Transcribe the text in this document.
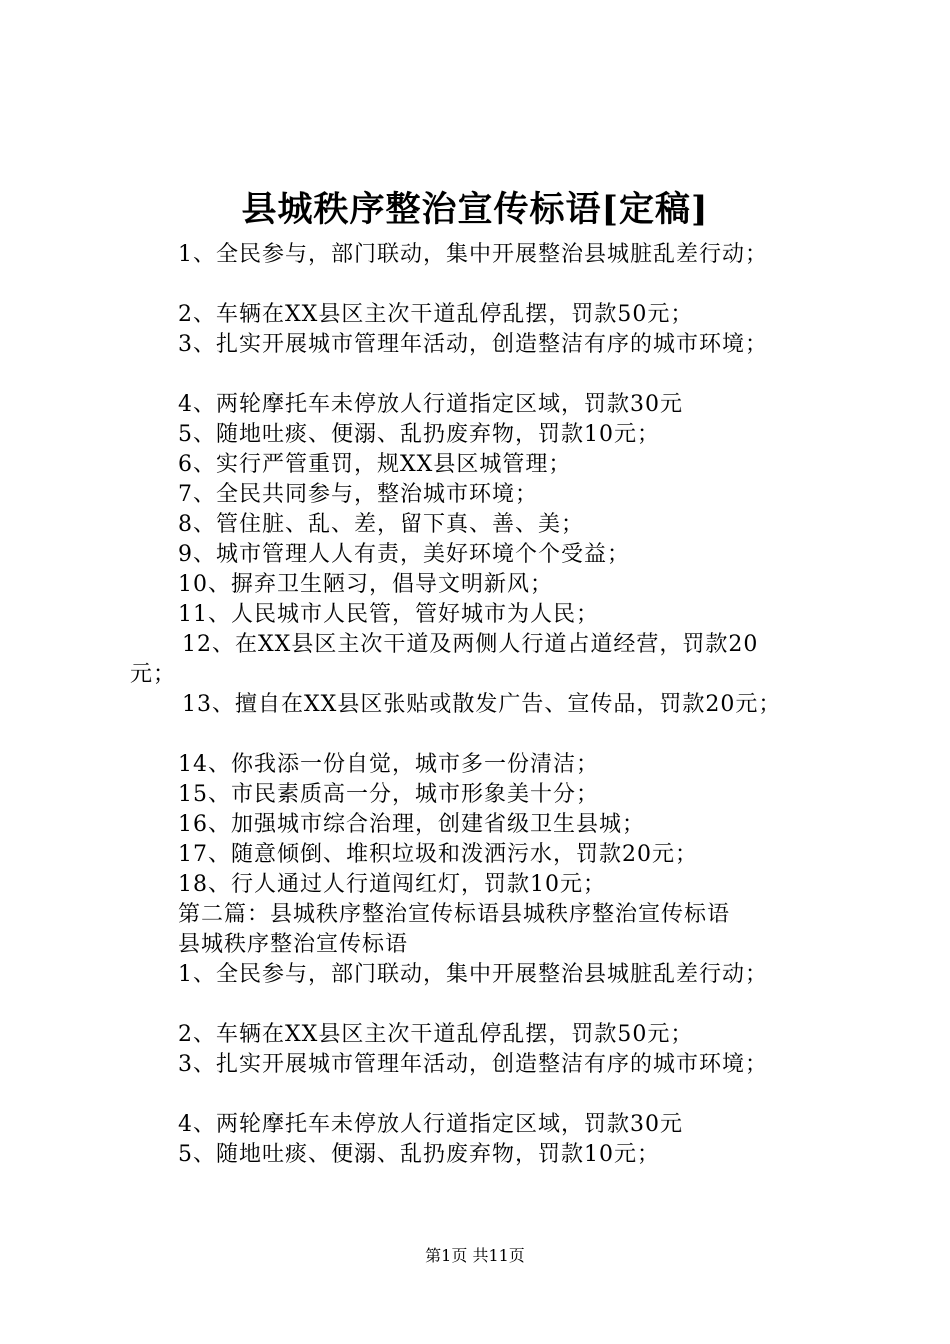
县城秩序整治宣传标语[定稿]
1、全民参与，部门联动，集中开展整治县城脏乱差行动；
2、车辆在XX县区主次干道乱停乱摆，罚款50元；
3、扎实开展城市管理年活动，创造整洁有序的城市环境；
4、两轮摩托车未停放人行道指定区域，罚款30元
5、随地吐痰、便溺、乱扔废弃物，罚款10元；
6、实行严管重罚，规XX县区城管理；
7、全民共同参与，整治城市环境；
8、管住脏、乱、差，留下真、善、美；
9、城市管理人人有责，美好环境个个受益；
10、摒弃卫生陋习，倡导文明新风；
11、人民城市人民管，管好城市为人民；
12、在XX县区主次干道及两侧人行道占道经营，罚款20
元；
13、擅自在XX县区张贴或散发广告、宣传品，罚款20元；
14、你我添一份自觉，城市多一份清洁；
15、市民素质高一分，城市形象美十分；
16、加强城市综合治理，创建省级卫生县城；
17、随意倾倒、堆积垃圾和泼洒污水，罚款20元；
18、行人通过人行道闯红灯，罚款10元；
第二篇：县城秩序整治宣传标语县城秩序整治宣传标语
县城秩序整治宣传标语
1、全民参与，部门联动，集中开展整治县城脏乱差行动；
2、车辆在XX县区主次干道乱停乱摆，罚款50元；
3、扎实开展城市管理年活动，创造整洁有序的城市环境；
4、两轮摩托车未停放人行道指定区域，罚款30元
5、随地吐痰、便溺、乱扔废弃物，罚款10元；
第1页 共11页
